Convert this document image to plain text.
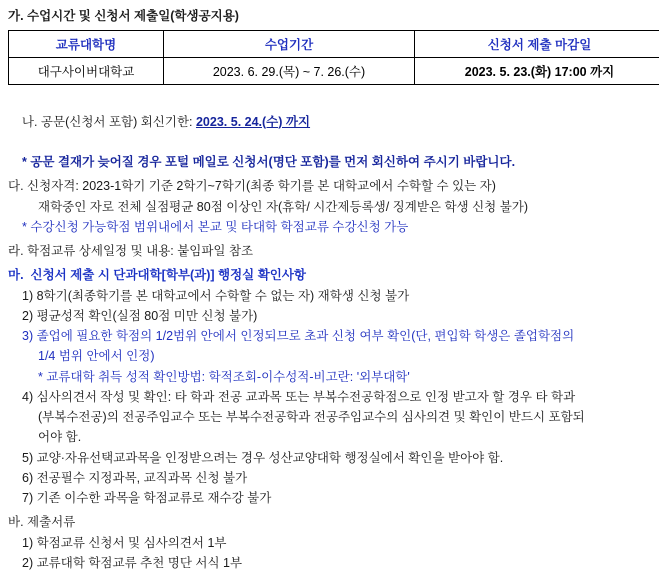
가. 수업시간 및 신청서 제출일(학생공지용)
교류대학명	수업기간	신청서 제출 마감일
대구사이버대학교	2023. 6. 29.(목) ~ 7. 26.(수)	2023. 5. 23.(화) 17:00 까지

나. 공문(신청서 포함) 회신기한: 2023. 5. 24.(수) 까지

* 공문 결재가 늦어질 경우 포털 메일로 신청서(명단 포함)를 먼저 회신하여 주시기 바랍니다.
다. 신청자격: 2023-1학기 기준 2학기~7학기(최종 학기를 본 대학교에서 수학할 수 있는 자)
재학중인 자로 전체 실점평균 80점 이상인 자(휴학/ 시간제등록생/ 징계받은 학생 신청 불가)
* 수강신청 가능학점 범위내에서 본교 및 타대학 학점교류 수강신청 가능
라. 학점교류 상세일정 및 내용: 붙임파일 참조
마.  신청서 제출 시 단과대학[학부(과)] 행정실 확인사항
1) 8학기(최종학기를 본 대학교에서 수학할 수 없는 자) 재학생 신청 불가
2) 평균성적 확인(실점 80점 미만 신청 불가)
3) 졸업에 필요한 학점의 1/2범위 안에서 인정되므로 초과 신청 여부 확인(단, 편입학 학생은 졸업학점의
1/4 범위 안에서 인정)
* 교류대학 취득 성적 확인방법: 학적조회-이수성적-비고란: '외부대학'
4) 심사의견서 작성 및 확인: 타 학과 전공 교과목 또는 부복수전공학점으로 인정 받고자 할 경우 타 학과
(부복수전공)의 전공주임교수 또는 부복수전공학과 전공주임교수의 심사의견 및 확인이 반드시 포함되
어야 함.
5) 교양·자유선택교과목을 인정받으려는 경우 성산교양대학 행정실에서 확인을 받아야 함.
6) 전공필수 지정과목, 교직과목 신청 불가
7) 기존 이수한 과목을 학점교류로 재수강 불가
바. 제출서류
1) 학점교류 신청서 및 심사의견서 1부
2) 교류대학 학점교류 추천 명단 서식 1부
